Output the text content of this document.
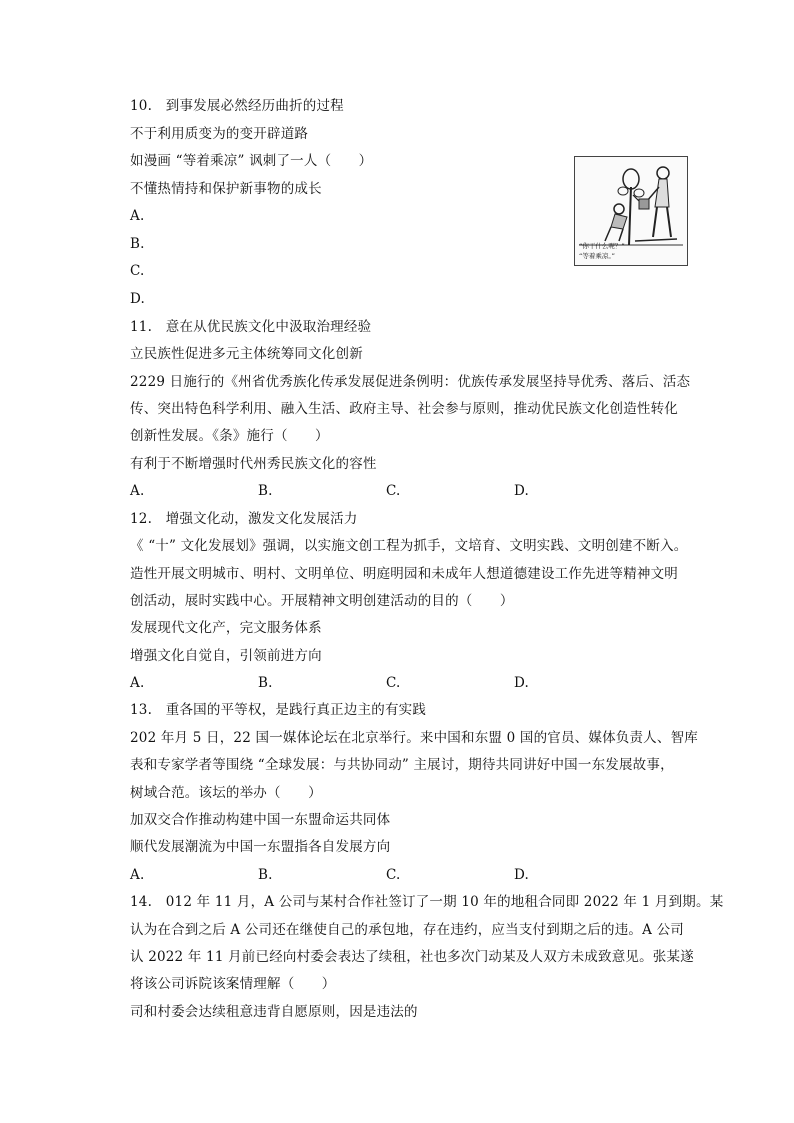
10.　到事发展必然经历曲折的过程
不于利用质变为的变开辟道路
如漫画 “等着乘凉” 讽刺了一人（　　）
不懂热情持和保护新事物的成长
A.
B.
C.
D.
“你干什么呢？”
“等着乘凉。”
11.　意在从优民族文化中汲取治理经验
立民族性促进多元主体统筹同文化创新
2229 日施行的《州省优秀族化传承发展促进条例明：优族传承发展坚持导优秀、落后、活态
传、突出特色科学利用、融入生活、政府主导、社会参与原则，推动优民族文化创造性转化
创新性发展。《条》施行（　　）
有利于不断增强时代州秀民族文化的容性
A.	B.	C.	D.
12.　增强文化动，激发文化发展活力
《 “十” 文化发展划》强调，以实施文创工程为抓手，文培育、文明实践、文明创建不断入。
造性开展文明城市、明村、文明单位、明庭明园和未成年人想道德建设工作先进等精神文明
创活动，展时实践中心。开展精神文明创建活动的目的（　　）
发展现代文化产，完文服务体系
增强文化自觉自，引领前进方向
A.	B.	C.	D.
13.　重各国的平等权，是践行真正边主的有实践
202 年月 5 日，22 国一媒体论坛在北京举行。来中国和东盟 0 国的官员、媒体负责人、智库
表和专家学者等围绕 “全球发展：与共协同动” 主展讨，期待共同讲好中国一东发展故事，
树域合范。该坛的举办（　　）
加双交合作推动构建中国一东盟命运共同体
顺代发展潮流为中国一东盟指各自发展方向
A.	B.	C.	D.
14.　012 年 11 月，A 公司与某村合作社签订了一期 10 年的地租合同即 2022 年 1 月到期。某
认为在合到之后 A 公司还在继使自己的承包地，存在违约，应当支付到期之后的违。A 公司
认 2022 年 11 月前已经向村委会表达了续租，社也多次门动某及人双方未成致意见。张某遂
将该公司诉院该案情理解（　　）
司和村委会达续租意违背自愿原则，因是违法的
